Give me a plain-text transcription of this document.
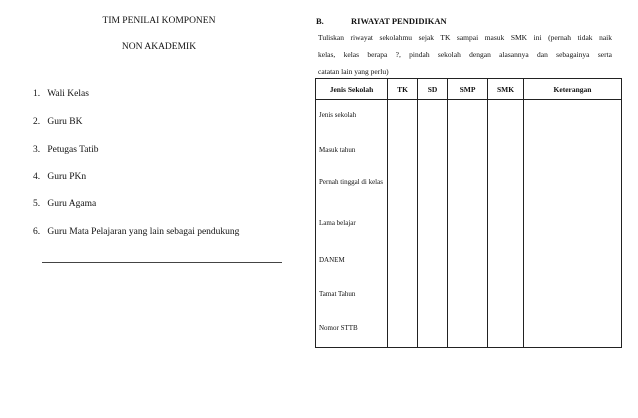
TIM PENILAI KOMPONEN
NON AKADEMIK
1. Wali Kelas
2. Guru BK
3. Petugas Tatib
4. Guru PKn
5. Guru Agama
6. Guru Mata Pelajaran yang lain sebagai pendukung
B.	RIWAYAT PENDIDIKAN
Tuliskan riwayat sekolahmu sejak TK sampai masuk SMK ini (pernah tidak naik
kelas, kelas berapa ?, pindah sekolah dengan alasannya dan sebagainya serta
catatan lain yang perlu)
Jenis Sekolah	TK	SD	SMP	SMK	Keterangan
Jenis sekolah					
Masuk tahun					
Pernah tinggal di kelas					
Lama belajar					
DANEM					
Tamat Tahun					
Nomor STTB					
